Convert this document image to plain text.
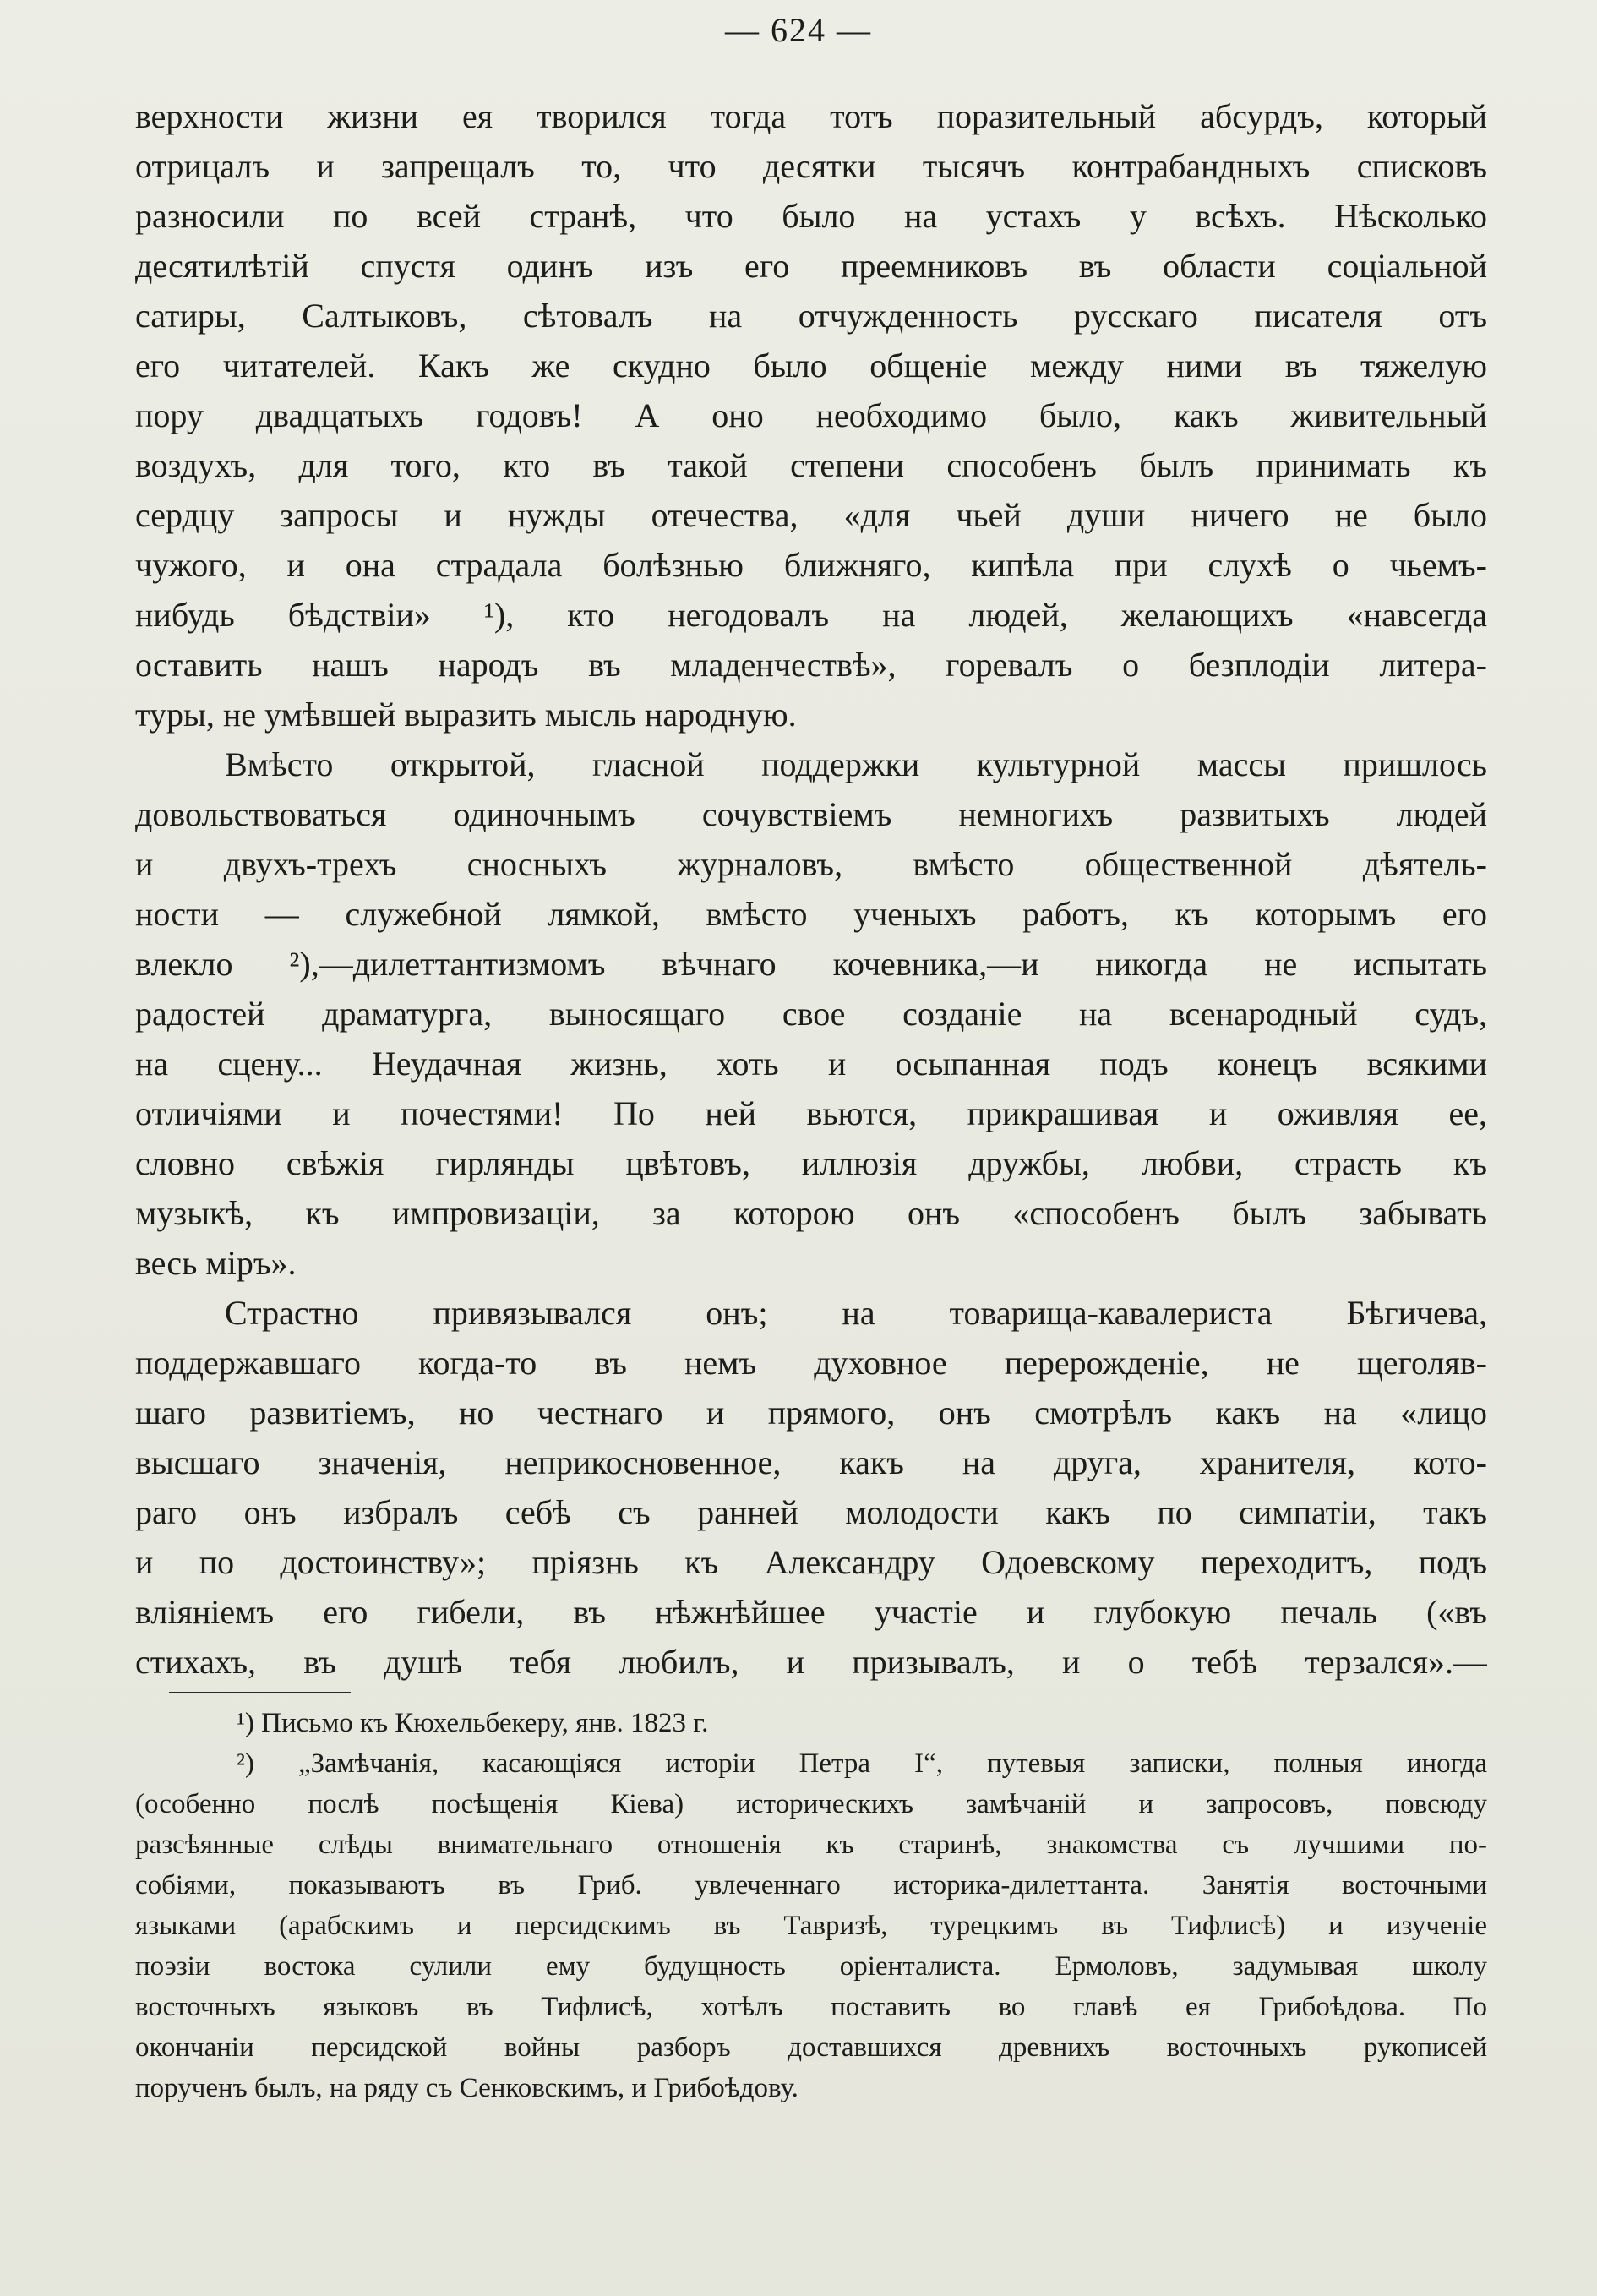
— 624 —
верхности жизни ея творился тогда тотъ поразительный абсурдъ, который
отрицалъ и запрещалъ то, что десятки тысячъ контрабандныхъ списковъ
разносили по всей странѣ, что было на устахъ у всѣхъ. Нѣсколько
десятилѣтій спустя одинъ изъ его преемниковъ въ области соціальной
сатиры, Салтыковъ, сѣтовалъ на отчужденность русскаго писателя отъ
его читателей. Какъ же скудно было общеніе между ними въ тяжелую
пору двадцатыхъ годовъ! А оно необходимо было, какъ живительный
воздухъ, для того, кто въ такой степени способенъ былъ принимать къ
сердцу запросы и нужды отечества, «для чьей души ничего не было
чужого, и она страдала болѣзнью ближняго, кипѣла при слухѣ о чьемъ-
нибудь бѣдствіи» ¹), кто негодовалъ на людей, желающихъ «навсегда
оставить нашъ народъ въ младенчествѣ», горевалъ о безплодіи литера-
туры, не умѣвшей выразить мысль народную.
Вмѣсто открытой, гласной поддержки культурной массы пришлось
довольствоваться одиночнымъ сочувствіемъ немногихъ развитыхъ людей
и двухъ-трехъ сносныхъ журналовъ, вмѣсто общественной дѣятель-
ности — служебной лямкой, вмѣсто ученыхъ работъ, къ которымъ его
влекло ²),—дилеттантизмомъ вѣчнаго кочевника,—и никогда не испытать
радостей драматурга, выносящаго свое созданіе на всенародный судъ,
на сцену... Неудачная жизнь, хоть и осыпанная подъ конецъ всякими
отличіями и почестями! По ней вьются, прикрашивая и оживляя ее,
словно свѣжія гирлянды цвѣтовъ, иллюзія дружбы, любви, страсть къ
музыкѣ, къ импровизаціи, за которою онъ «способенъ былъ забывать
весь міръ».
Страстно привязывался онъ; на товарища-кавалериста Бѣгичева,
поддержавшаго когда-то въ немъ духовное перерожденіе, не щеголяв-
шаго развитіемъ, но честнаго и прямого, онъ смотрѣлъ какъ на «лицо
высшаго значенія, неприкосновенное, какъ на друга, хранителя, кото-
раго онъ избралъ себѣ съ ранней молодости какъ по симпатіи, такъ
и по достоинству»; пріязнь къ Александру Одоевскому переходитъ, подъ
вліяніемъ его гибели, въ нѣжнѣйшее участіе и глубокую печаль («въ
стихахъ, въ душѣ тебя любилъ, и призывалъ, и о тебѣ терзался».—
¹) Письмо къ Кюхельбекеру, янв. 1823 г.
²) „Замѣчанія, касающіяся исторіи Петра I“, путевыя записки, полныя иногда
(особенно послѣ посѣщенія Кіева) историческихъ замѣчаній и запросовъ, повсюду
разсѣянные слѣды внимательнаго отношенія къ старинѣ, знакомства съ лучшими по-
собіями, показываютъ въ Гриб. увлеченнаго историка-дилеттанта. Занятія восточными
языками (арабскимъ и персидскимъ въ Тавризѣ, турецкимъ въ Тифлисѣ) и изученіе
поэзіи востока сулили ему будущность оріенталиста. Ермоловъ, задумывая школу
восточныхъ языковъ въ Тифлисѣ, хотѣлъ поставить во главѣ ея Грибоѣдова. По
окончаніи персидской войны разборъ доставшихся древнихъ восточныхъ рукописей
порученъ былъ, на ряду съ Сенковскимъ, и Грибоѣдову.
